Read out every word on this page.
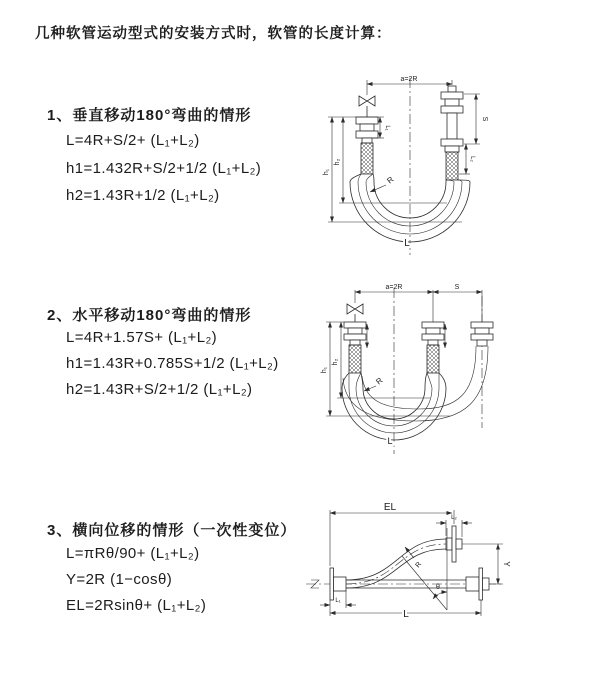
几种软管运动型式的安装方式时，软管的长度计算：
1、垂直移动180°弯曲的情形
L=4R+S/2+ (L₁+L₂)
h1=1.432R+S/2+1/2 (L₁+L₂)
h2=1.43R+1/2 (L₁+L₂)
a=2R
S
L₂
h₁
h₂
L₁
R
L
2、水平移动180°弯曲的情形
L=4R+1.57S+ (L₁+L₂)
h1=1.43R+0.785S+1/2 (L₁+L₂)
h2=1.43R+S/2+1/2 (L₁+L₂)
a=2R	S
h₁
h₂
R
L
3、横向位移的情形（一次性变位）
L=πRθ/90+ (L₁+L₂)
Y=2R (1−cosθ)
EL=2Rsinθ+ (L₁+L₂)
θ
R
EL
L₂
Y
L₁
L
